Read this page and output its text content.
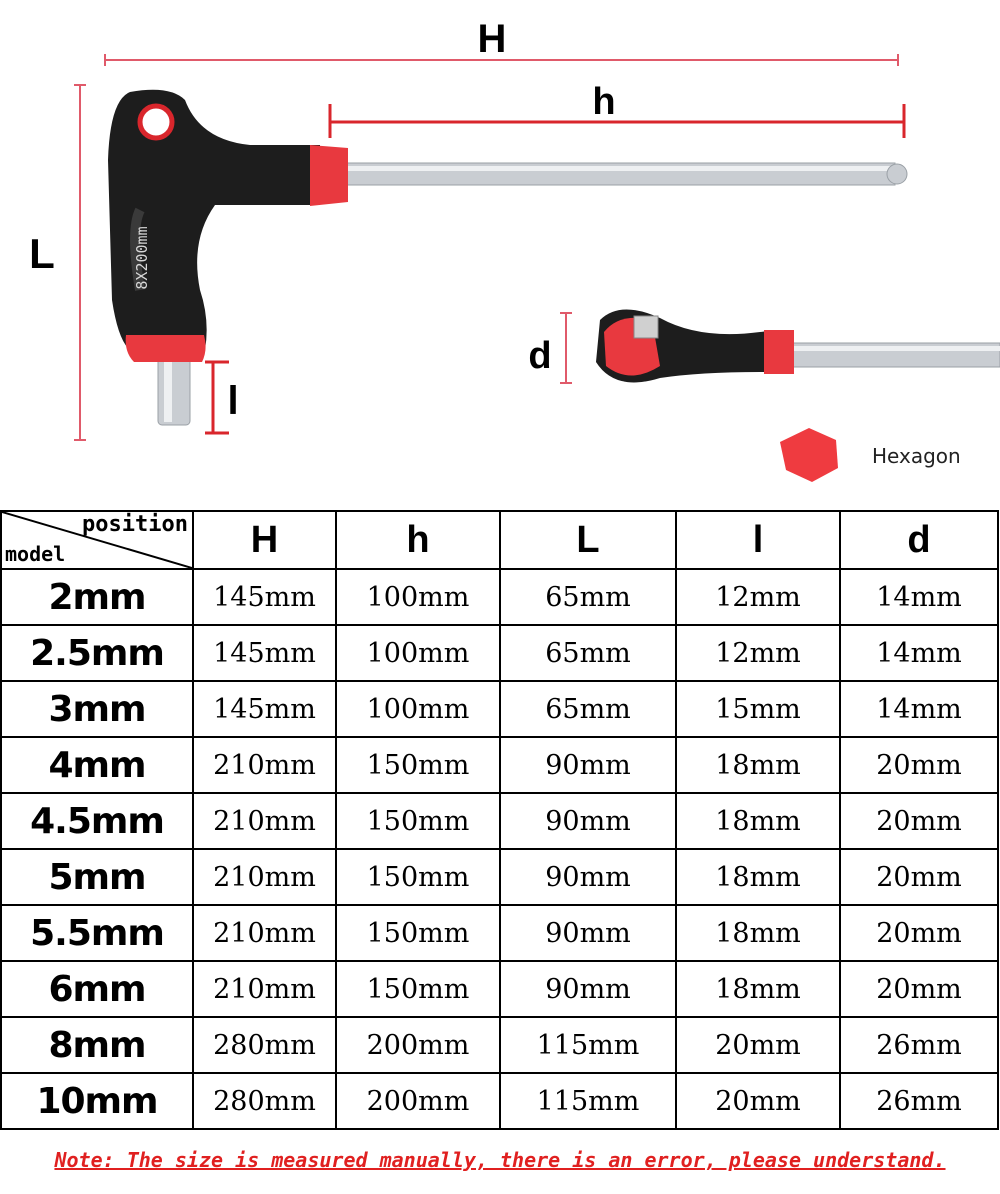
H
h
L
l
d
8X200mm
Hexagon
position
model	H	h	L	l	d
2mm	145mm	100mm	65mm	12mm	14mm
2.5mm	145mm	100mm	65mm	12mm	14mm
3mm	145mm	100mm	65mm	15mm	14mm
4mm	210mm	150mm	90mm	18mm	20mm
4.5mm	210mm	150mm	90mm	18mm	20mm
5mm	210mm	150mm	90mm	18mm	20mm
5.5mm	210mm	150mm	90mm	18mm	20mm
6mm	210mm	150mm	90mm	18mm	20mm
8mm	280mm	200mm	115mm	20mm	26mm
10mm	280mm	200mm	115mm	20mm	26mm
Note: The size is measured manually, there is an error, please understand.
